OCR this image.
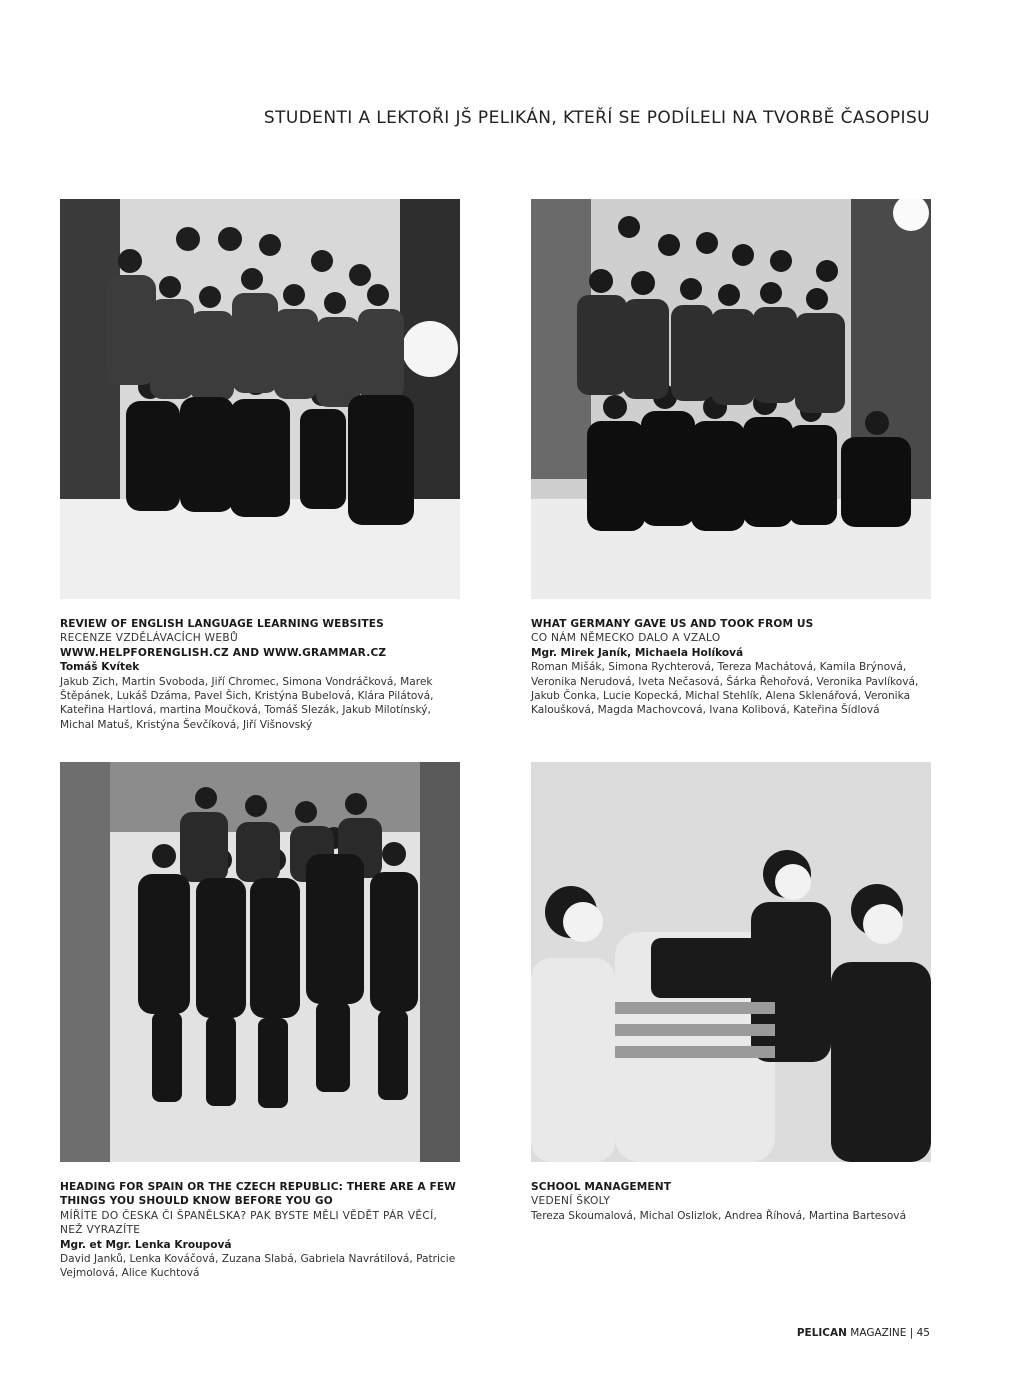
STUDENTI A LEKTOŘI JŠ PELIKÁN, KTEŘÍ SE PODÍLELI NA TVORBĚ ČASOPISU
REVIEW OF ENGLISH LANGUAGE LEARNING WEBSITES
RECENZE VZDĚLÁVACÍCH WEBŮ
WWW.HELPFORENGLISH.CZ AND WWW.GRAMMAR.CZ
Tomáš Kvítek
Jakub Zich, Martin Svoboda, Jiří Chromec, Simona Vondráčková, Marek Štěpánek, Lukáš Dzáma, Pavel Šich, Kristýna Bubelová, Klára Pilátová, Kateřina Hartlová, martina Moučková, Tomáš Slezák, Jakub Milotínský, Michal Matuš, Kristýna Ševčíková, Jiří Višnovský
WHAT GERMANY GAVE US AND TOOK FROM US
CO NÁM NĚMECKO DALO A VZALO
Mgr. Mirek Janík, Michaela Holíková
Roman Mišák, Simona Rychterová, Tereza Machátová, Kamila Brýnová, Veronika Nerudová, Iveta Nečasová, Šárka Řehořová, Veronika Pavlíková, Jakub Čonka, Lucie Kopecká, Michal Stehlík, Alena Sklenářová, Veronika Kaloušková, Magda Machovcová, Ivana Kolibová, Kateřina Šídlová
HEADING FOR SPAIN OR THE CZECH REPUBLIC: THERE ARE A FEW THINGS YOU SHOULD KNOW BEFORE YOU GO
MÍŘÍTE DO ČESKA ČI ŠPANĚLSKA? PAK BYSTE MĚLI VĚDĚT PÁR VĚCÍ, NEŽ VYRAZÍTE
Mgr. et Mgr. Lenka Kroupová
David Janků, Lenka Kováčová, Zuzana Slabá, Gabriela Navrátilová, Patricie Vejmolová, Alice Kuchtová
SCHOOL MANAGEMENT
VEDENÍ ŠKOLY
Tereza Skoumalová, Michal Oslizlok, Andrea Říhová, Martina Bartesová
PELICAN MAGAZINE | 45
